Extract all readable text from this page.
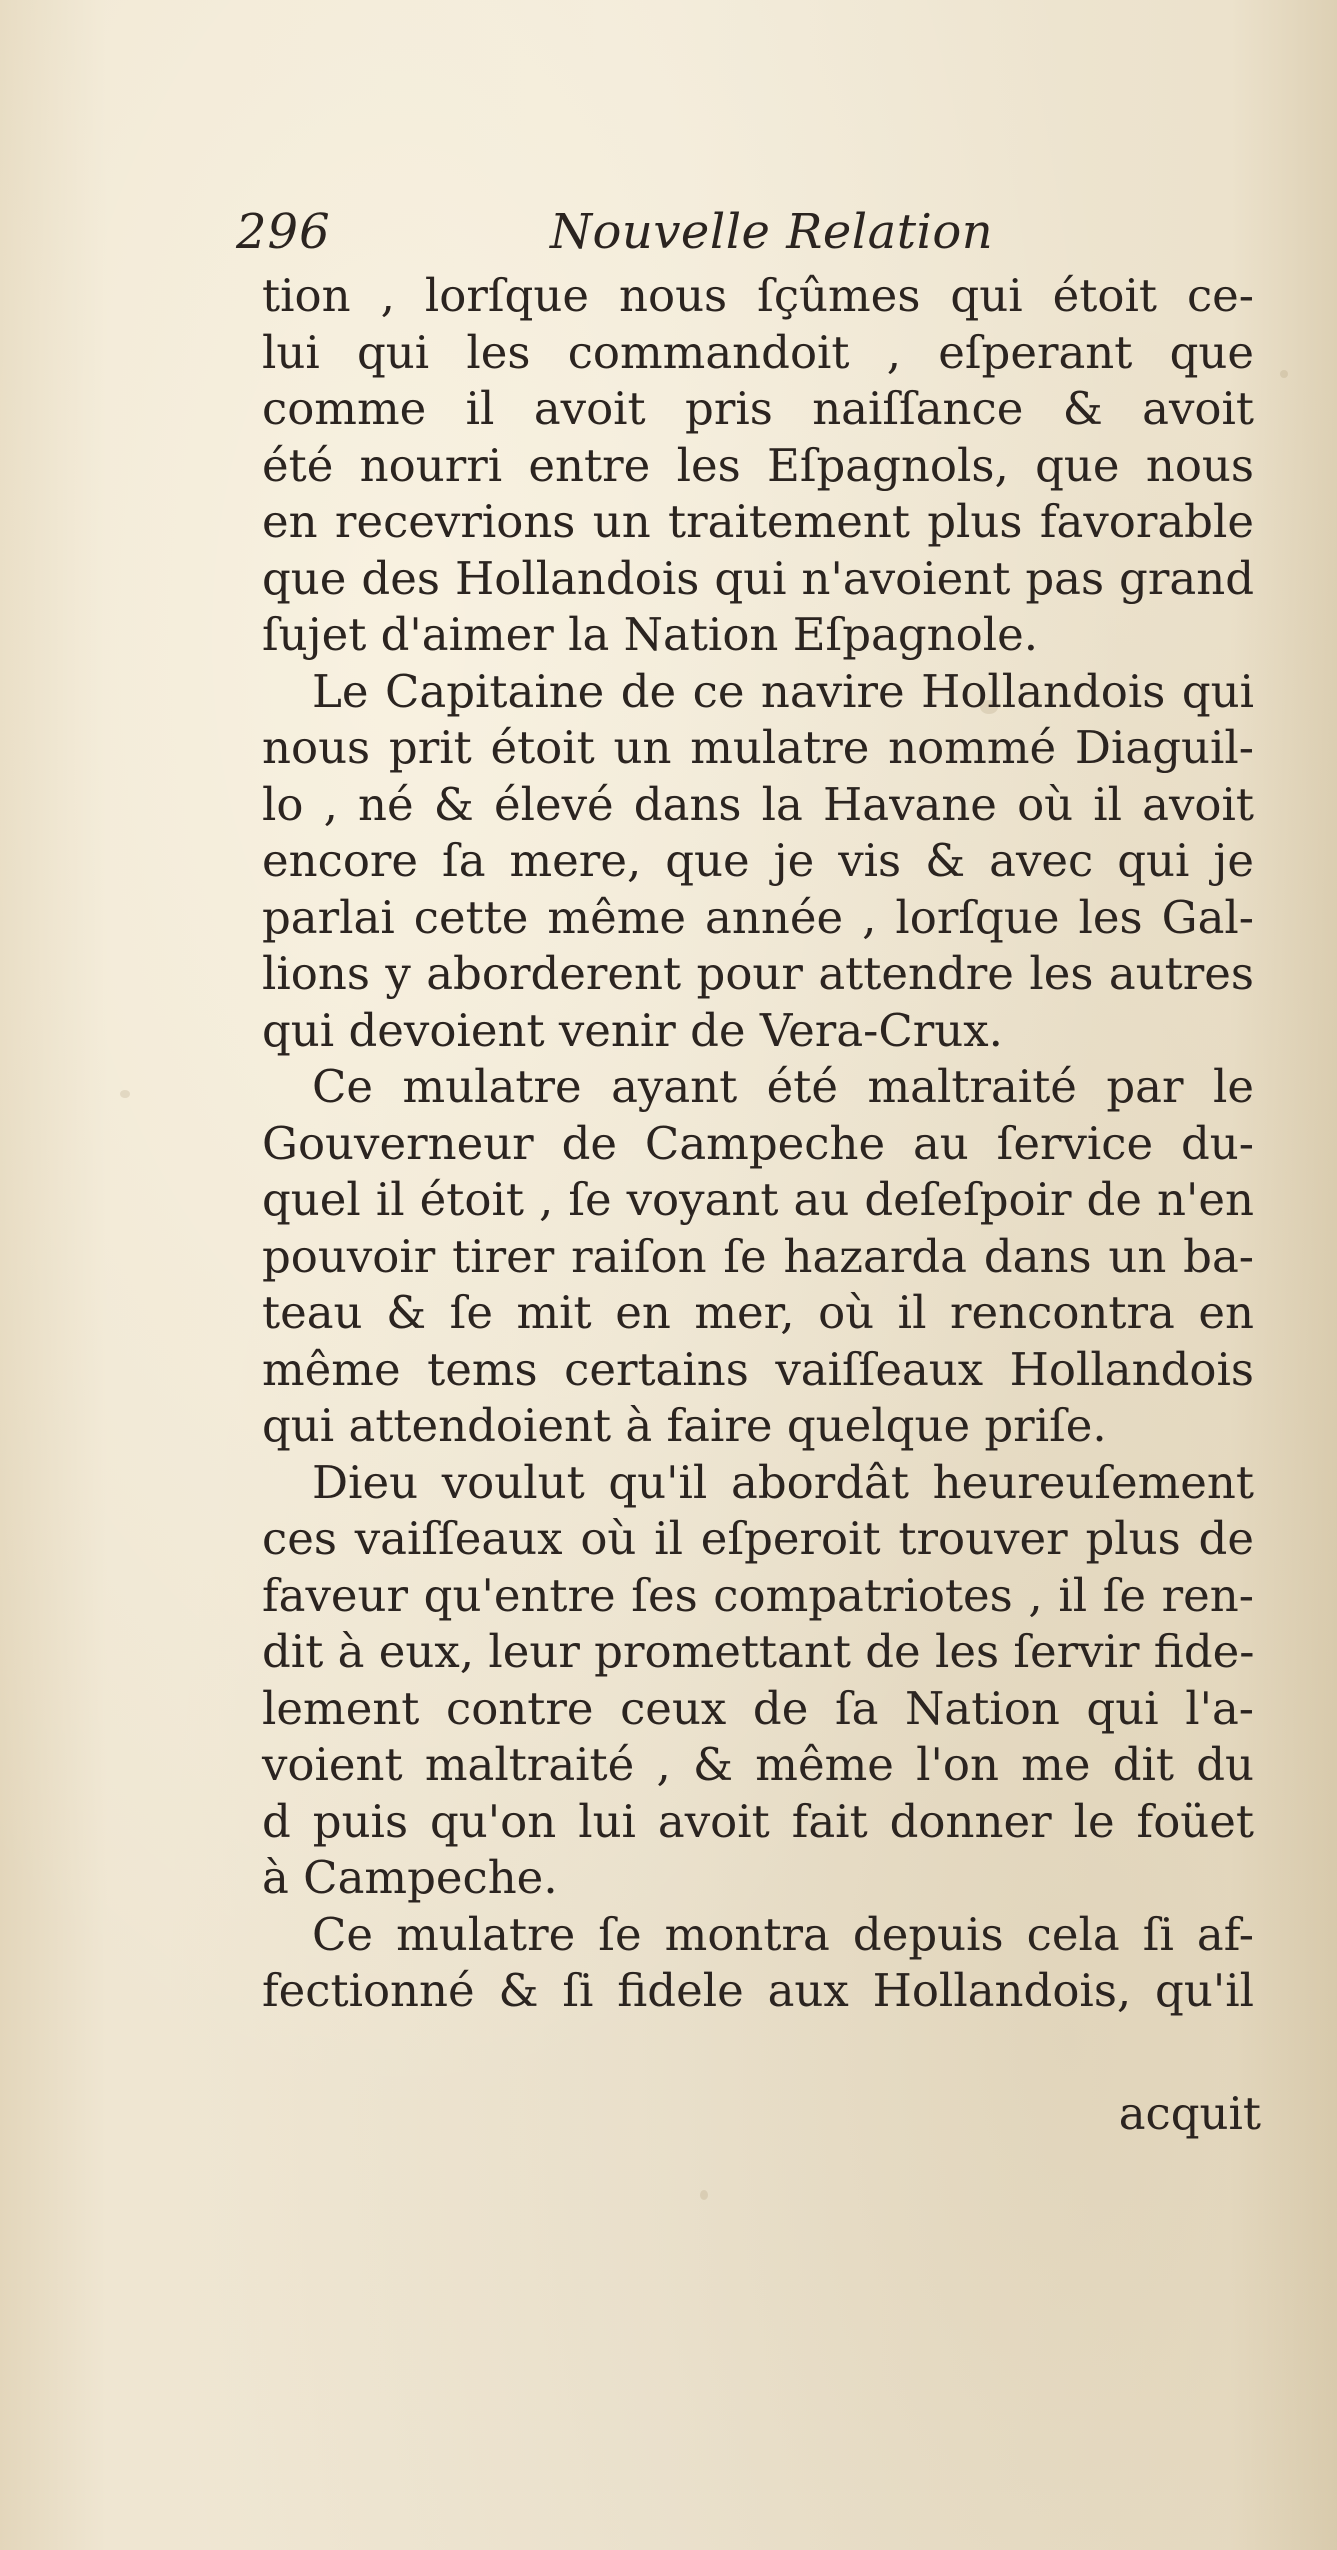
296	Nouvelle Relation
tion , lorſque nous ſçûmes qui étoit ce-
lui qui les commandoit , eſperant que
comme il avoit pris naiſſance & avoit
été nourri entre les Eſpagnols, que nous
en recevrions un traitement plus favorable
que des Hollandois qui n'avoient pas grand
ſujet d'aimer la Nation Eſpagnole.
Le Capitaine de ce navire Hollandois qui
nous prit étoit un mulatre nommé Diaguil-
lo , né & élevé dans la Havane où il avoit
encore ſa mere, que je vis & avec qui je
parlai cette même année , lorſque les Gal-
lions y aborderent pour attendre les autres
qui devoient venir de Vera-Crux.
Ce mulatre ayant été maltraité par le
Gouverneur de Campeche au ſervice du-
quel il étoit , ſe voyant au deſeſpoir de n'en
pouvoir tirer raiſon ſe hazarda dans un ba-
teau & ſe mit en mer, où il rencontra en
même tems certains vaiſſeaux Hollandois
qui attendoient à faire quelque priſe.
Dieu voulut qu'il abordât heureuſement
ces vaiſſeaux où il eſperoit trouver plus de
faveur qu'entre ſes compatriotes , il ſe ren-
dit à eux, leur promettant de les ſervir fide-
lement contre ceux de ſa Nation qui l'a-
voient maltraité , & même l'on me dit du
d puis qu'on lui avoit fait donner le foüet
à Campeche.
Ce mulatre ſe montra depuis cela ſi af-
fectionné & ſi fidele aux Hollandois, qu'il
acquit
